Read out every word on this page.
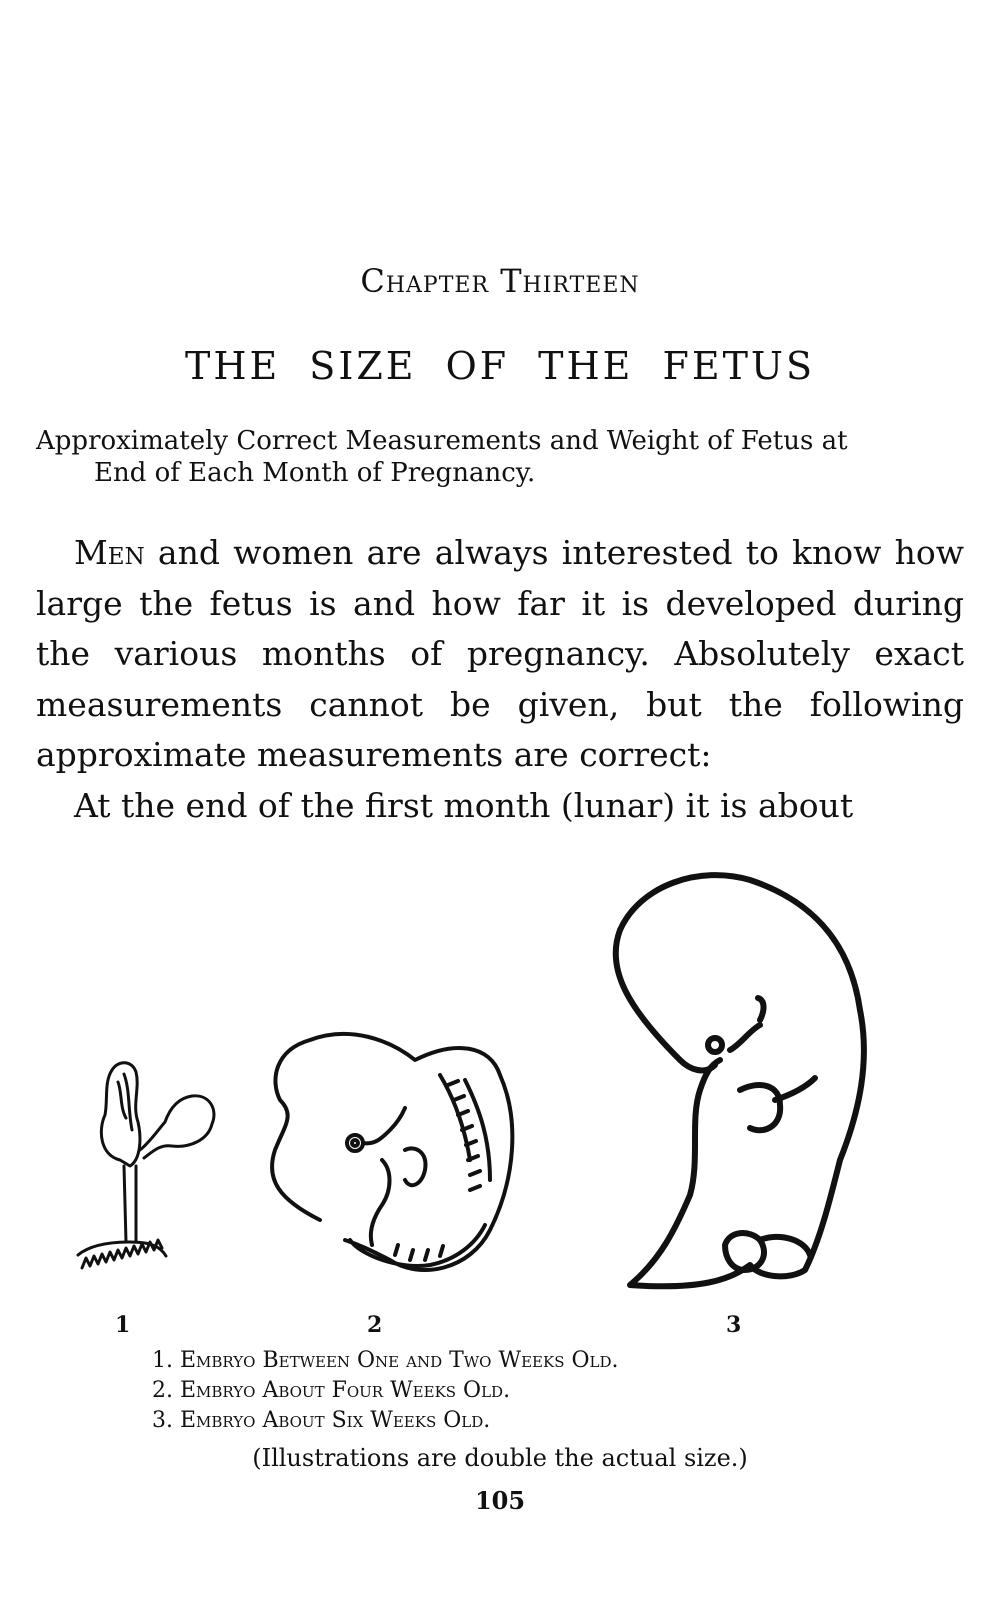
Chapter Thirteen
THE SIZE OF THE FETUS
Approximately Correct Measurements and Weight of Fetus at
End of Each Month of Pregnancy.

Men and women are always interested to know how large the fetus is and how far it is developed during the various months of pregnancy. Absolutely exact measurements cannot be given, but the following approximate measurements are correct:

At the end of the first month (lunar) it is about

1	2	3
1. Embryo Between One and Two Weeks Old.
2. Embryo About Four Weeks Old.
3. Embryo About Six Weeks Old.
(Illustrations are double the actual size.)
105
